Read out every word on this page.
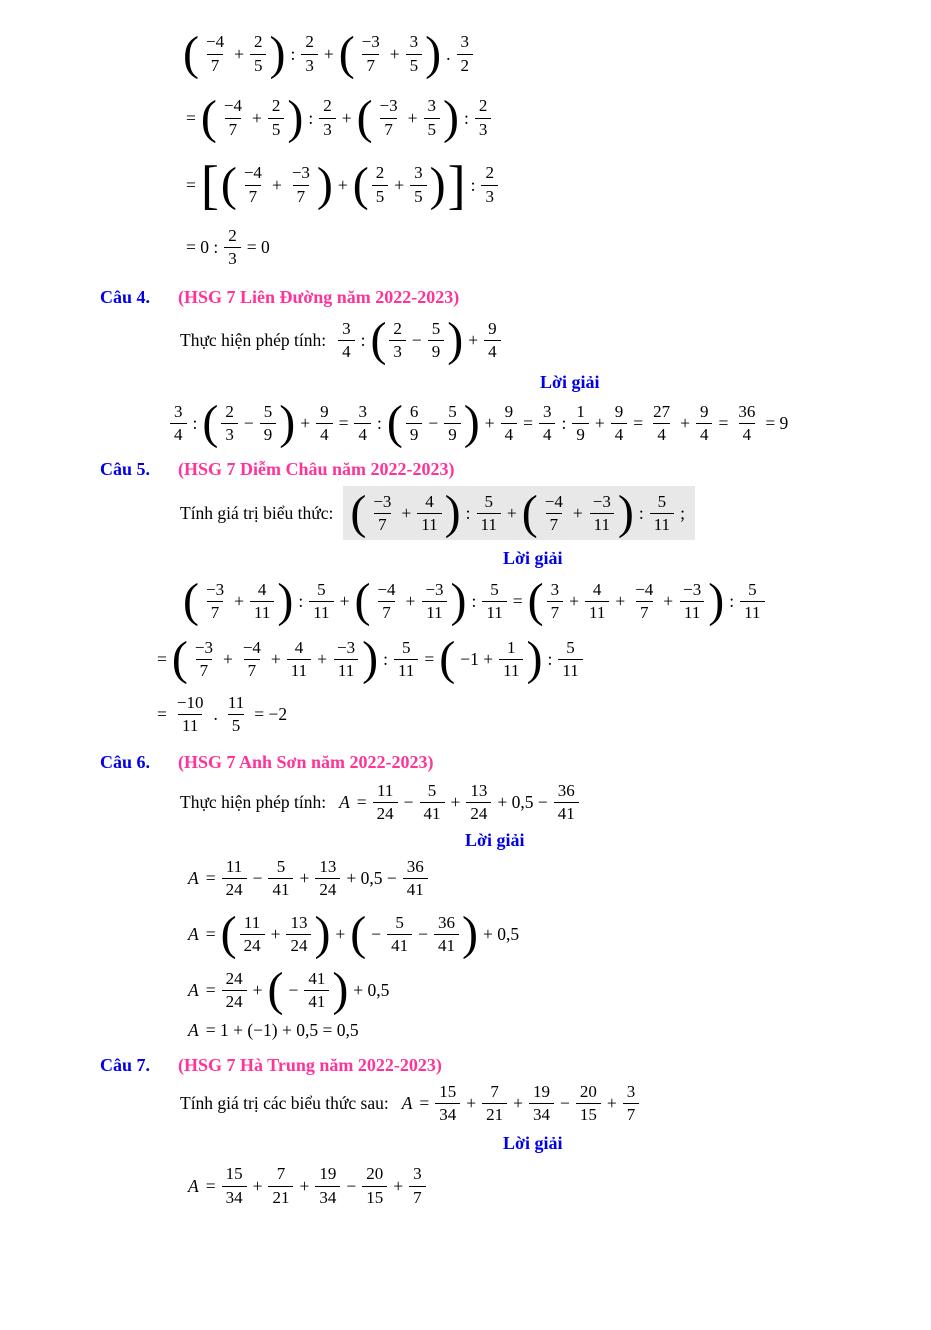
( $\frac{-4}{7} + \frac{2}{5}$ ) : $\frac{2}{3}$ + ( $\frac{-3}{7} + \frac{3}{5}$ ) . $\frac{3}{2}$
= ( $\frac{-4}{7} + \frac{2}{5}$ ) : $\frac{2}{3}$ + ( $\frac{-3}{7} + \frac{3}{5}$ ) : $\frac{2}{3}$
= [ ( $\frac{-4}{7} + \frac{-3}{7}$ ) + ( $\frac{2}{5} + \frac{3}{5}$ ) ] : $\frac{2}{3}$
= 0 : $\frac{2}{3} = 0$
Câu 4.	(HSG 7 Liên Đường năm 2022-2023)
Thực hiện phép tính: $\frac{3}{4}$ : ( $\frac{2}{3} - \frac{5}{9}$ ) + $\frac{9}{4}$
Lời giải
$\frac{3}{4}$ : ( $\frac{2}{3} - \frac{5}{9}$ ) + $\frac{9}{4} = \frac{3}{4}$ : ( $\frac{6}{9} - \frac{5}{9}$ ) + $\frac{9}{4} = \frac{3}{4}$ : $\frac{1}{9} + \frac{9}{4} = \frac{27}{4} + \frac{9}{4} = \frac{36}{4} = 9$
Câu 5.	(HSG 7 Diễm Châu năm 2022-2023)
Tính giá trị biểu thức: ( $\frac{-3}{7} + \frac{4}{11}$ ) : $\frac{5}{11}$ + ( $\frac{-4}{7} + \frac{-3}{11}$ ) : $\frac{5}{11}$ ;
Lời giải
( $\frac{-3}{7} + \frac{4}{11}$ ) : $\frac{5}{11}$ + ( $\frac{-4}{7} + \frac{-3}{11}$ ) : $\frac{5}{11}$ = ( $\frac{3}{7} + \frac{4}{11} + \frac{-4}{7} + \frac{-3}{11}$ ) : $\frac{5}{11}$
= ( $\frac{-3}{7} + \frac{-4}{7} + \frac{4}{11} + \frac{-3}{11}$ ) : $\frac{5}{11}$ = ( $-1 + \frac{1}{11}$ ) : $\frac{5}{11}$
= $\frac{-10}{11}$ . $\frac{11}{5} = -2$
Câu 6.	(HSG 7 Anh Sơn năm 2022-2023)
Thực hiện phép tính: $A = \frac{11}{24} - \frac{5}{41} + \frac{13}{24} + 0,5 - \frac{36}{41}$
Lời giải
$A = \frac{11}{24} - \frac{5}{41} + \frac{13}{24} + 0,5 - \frac{36}{41}$
A = ( $\frac{11}{24} + \frac{13}{24}$ ) + ( − $\frac{5}{41} - \frac{36}{41}$ ) + 0,5
$A = \frac{24}{24}$ + ( − $\frac{41}{41}$ ) + 0,5
A = 1 + (−1) + 0,5 = 0,5
Câu 7.	(HSG 7 Hà Trung năm 2022-2023)
Tính giá trị các biểu thức sau: $A = \frac{15}{34} + \frac{7}{21} + \frac{19}{34} - \frac{20}{15} + \frac{3}{7}$
Lời giải
$A = \frac{15}{34} + \frac{7}{21} + \frac{19}{34} - \frac{20}{15} + \frac{3}{7}$
